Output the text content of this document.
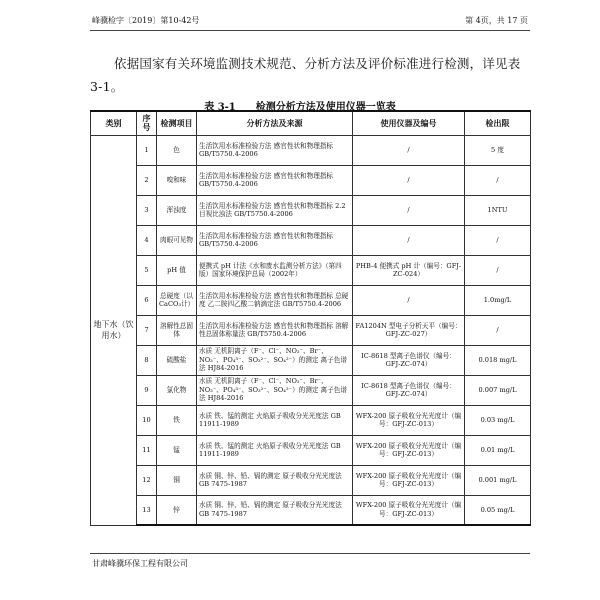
峰骥检字〔2019〕第10-42号	第 4页，共 17 页

依据国家有关环境监测技术规范、分析方法及评价标准进行检测，详见表 3-1。

表 3-1　　检测分析方法及使用仪器一览表
类别	序号	检测项目	分析方法及来源	使用仪器及编号	检出限
地下水（饮用水）	1	色	生活饮用水标准检验方法 感官性状和物理指标 GB/T5750.4-2006	/	5 度
	2	嗅和味	生活饮用水标准检验方法 感官性状和物理指标 GB/T5750.4-2006	/	/
	3	浑浊度	生活饮用水标准检验方法 感官性状和物理指标 2.2 目视比浊法 GB/T5750.4-2006	/	1NTU
	4	肉眼可见物	生活饮用水标准检验方法 感官性状和物理指标 GB/T5750.4-2006	/	/
	5	pH 值	便携式 pH 计法《水和废水监测分析方法》（第四版）国家环境保护总局（2002年）	PHB-4 便携式 pH 计（编号：GFJ-ZC-024）	/
	6	总硬度（以 CaCO₃计）	生活饮用水标准检验方法 感官性状和物理指标 总硬度 乙二胺四乙酸二钠滴定法 GB/T5750.4-2006	/	1.0mg/L
	7	溶解性总固体	生活饮用水标准检验方法 感官性状和物理指标 溶解性总固体称量法 GB/T5750.4-2006	FA1204N 型电子分析天平（编号：GFJ-ZC-027）	/
	8	硫酸盐	水质 无机阴离子（F⁻、Cl⁻、NO₂⁻、Br⁻、NO₃⁻、PO₄³⁻、SO₃²⁻、SO₄²⁻）的测定 离子色谱法 HJ84-2016	IC-8618 型离子色谱仪（编号：GFJ-ZC-074）	0.018 mg/L
	9	氯化物	水质 无机阴离子（F⁻、Cl⁻、NO₂⁻、Br⁻、NO₃⁻、PO₄³⁻、SO₃²⁻、SO₄²⁻）的测定 离子色谱法 HJ84-2016	IC-8618 型离子色谱仪（编号：GFJ-ZC-074）	0.007 mg/L
	10	铁	水质 铁、锰的测定 火焰原子吸收分光光度法 GB 11911-1989	WFX-200 原子吸收分光光度计（编号：GFJ-ZC-013）	0.03 mg/L
	11	锰	水质 铁、锰的测定 火焰原子吸收分光光度法 GB 11911-1989	WFX-200 原子吸收分光光度计（编号：GFJ-ZC-013）	0.01 mg/L
	12	铜	水质 铜、锌、铅、镉的测定 原子吸收分光光度法 GB 7475-1987	WFX-200 原子吸收分光光度计（编号：GFJ-ZC-013）	0.001 mg/L
	13	锌	水质 铜、锌、铅、镉的测定 原子吸收分光光度法 GB 7475-1987	WFX-200 原子吸收分光光度计（编号：GFJ-ZC-013）	0.05 mg/L
甘肃峰骥环保工程有限公司
